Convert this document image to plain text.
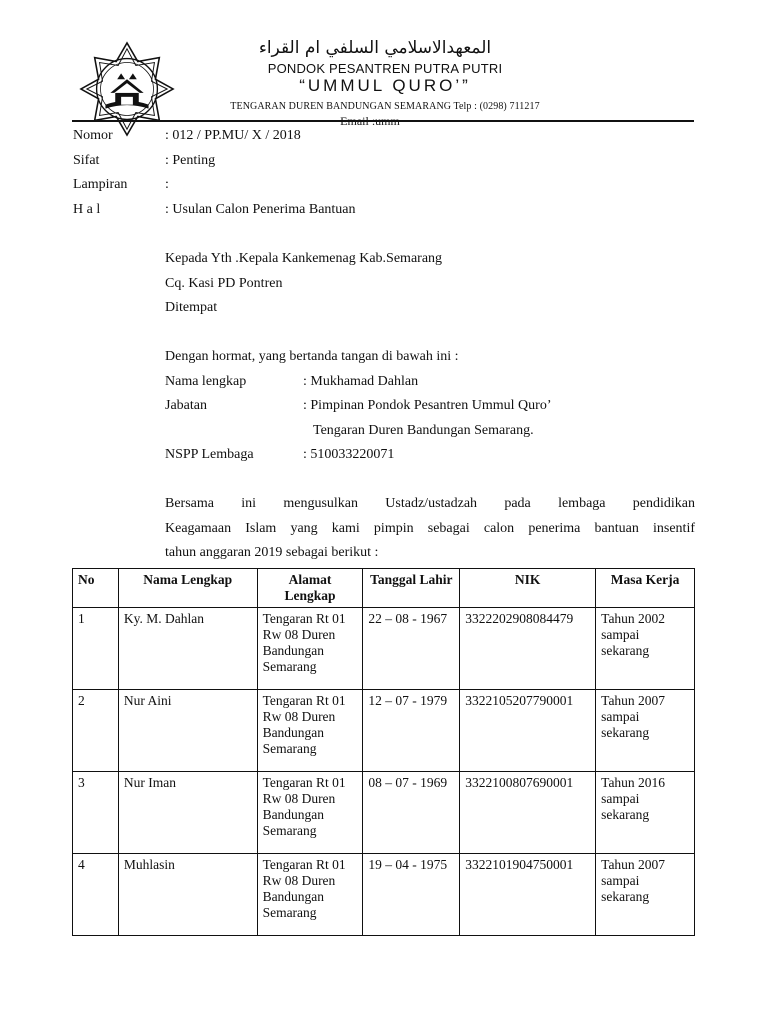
المعهدالاسلامي السلفي ام القراء
PONDOK PESANTREN PUTRA PUTRI
“UMMUL QURO’”
TENGARAN DUREN BANDUNGAN SEMARANG Telp : (0298) 711217
Email :umm
Nomor	: 012 / PP.MU/ X / 2018
Sifat	: Penting
Lampiran	:
H a l	: Usulan Calon Penerima Bantuan
Kepada Yth .Kepala Kankemenag Kab.Semarang
Cq. Kasi PD Pontren
Ditempat
Dengan hormat, yang bertanda tangan di bawah ini :
Nama lengkap	: Mukhamad Dahlan
Jabatan	: Pimpinan Pondok Pesantren Ummul Quro’
Tengaran Duren Bandungan Semarang.
NSPP Lembaga	: 510033220071
Bersama ini mengusulkan Ustadz/ustadzah pada lembaga pendidikan
Keagamaan Islam yang kami pimpin sebagai calon penerima bantuan insentif
tahun anggaran 2019 sebagai berikut :
No	Nama Lengkap	Alamat Lengkap	Tanggal Lahir	NIK	Masa Kerja
1	Ky. M. Dahlan	Tengaran Rt 01 Rw 08 Duren Bandungan Semarang	22 – 08 - 1967	3322202908084479	Tahun 2002 sampai sekarang
2	Nur Aini	Tengaran Rt 01 Rw 08 Duren Bandungan Semarang	12 – 07 - 1979	3322105207790001	Tahun 2007 sampai sekarang
3	Nur Iman	Tengaran Rt 01 Rw 08 Duren Bandungan Semarang	08 – 07 - 1969	3322100807690001	Tahun 2016 sampai sekarang
4	Muhlasin	Tengaran Rt 01 Rw 08 Duren Bandungan Semarang	19 – 04 - 1975	3322101904750001	Tahun 2007 sampai sekarang
